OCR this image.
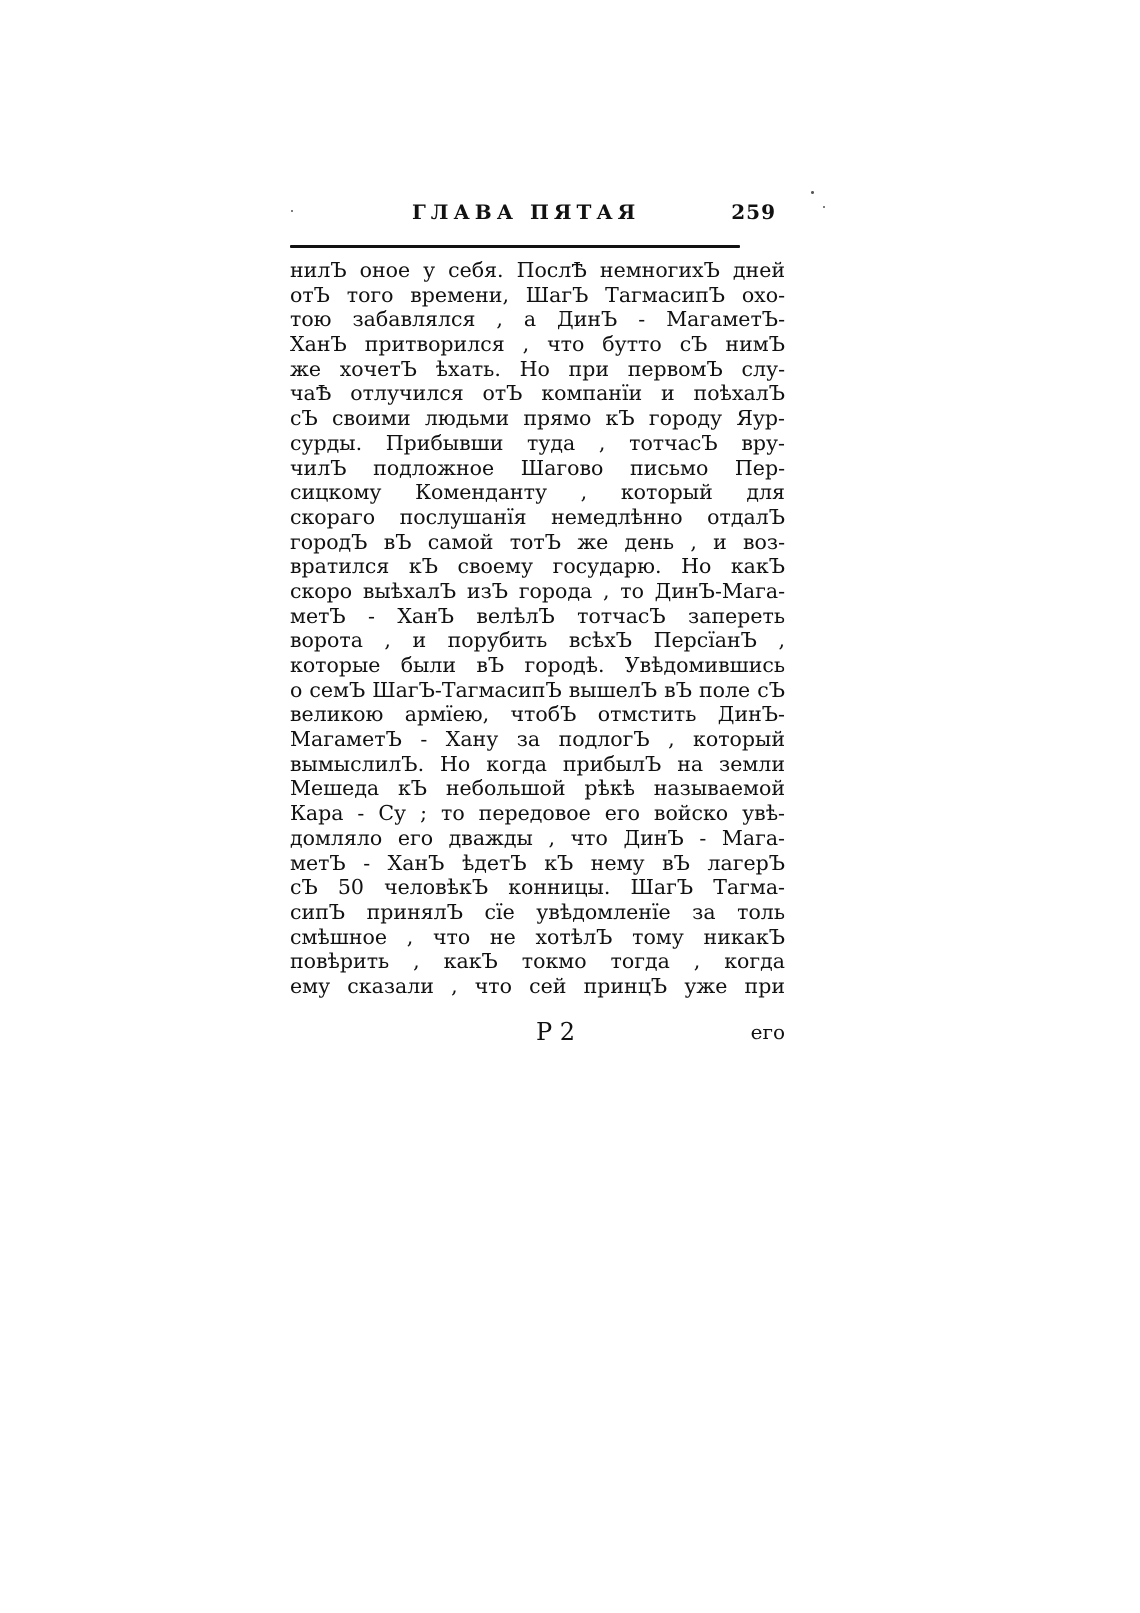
ГЛАВА ПЯТАЯ	259
нилЪ оное у себя. ПослѢ немногихЪ дней
отЪ того времени, ШагЪ ТагмасипЪ охо-
тою забавлялся , а ДинЪ - МагаметЪ-
ХанЪ притворился , что бутто сЪ нимЪ
же хочетЪ ѣхать. Но при первомЪ слу-
чаѢ отлучился отЪ компанїи и поѣхалЪ
сЪ своими людьми прямо кЪ городу Яур-
сурды. Прибывши туда , тотчасЪ вру-
чилЪ подложное Шагово письмо Пер-
сицкому Коменданту , который для
скораго послушанїя немедлѣнно отдалЪ
городЪ вЪ самой тотЪ же день , и воз-
вратился кЪ своему государю. Но какЪ
скоро выѣхалЪ изЪ города , то ДинЪ-Мага-
метЪ - ХанЪ велѣлЪ тотчасЪ запереть
ворота , и порубить всѣхЪ ПерсїанЪ ,
которые были вЪ городѣ. Увѣдомившись
о семЪ ШагЪ-ТагмасипЪ вышелЪ вЪ поле сЪ
великою армїею, чтобЪ отмстить ДинЪ-
МагаметЪ - Хану за подлогЪ , который
вымыслилЪ. Но когда прибылЪ на земли
Мешеда кЪ небольшой рѣкѣ называемой
Кара - Су ; то передовое его войско увѣ-
домляло его дважды , что ДинЪ - Мага-
метЪ - ХанЪ ѣдетЪ кЪ нему вЪ лагерЪ
сЪ 50 человѣкЪ конницы. ШагЪ Тагма-
сипЪ принялЪ сїе увѣдомленїе за толь
смѣшное , что не хотѣлЪ тому никакЪ
повѣрить , какЪ токмо тогда , когда
ему сказали , что сей принцЪ уже при
Р 2	его
